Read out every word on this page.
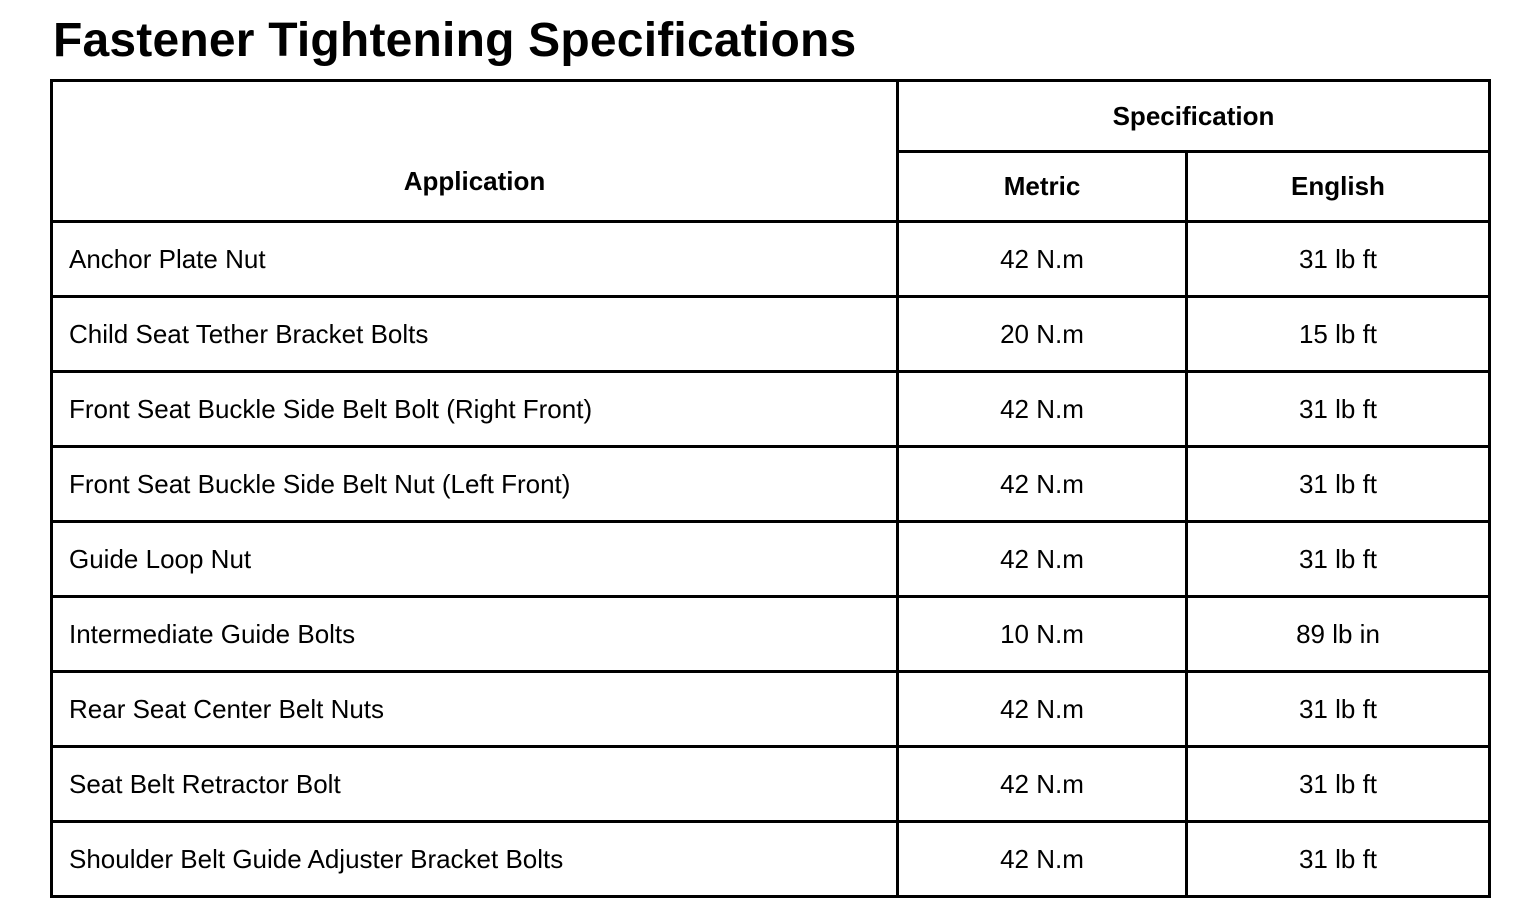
Fastener Tightening Specifications
Application	Specification	
	Metric	English
Anchor Plate Nut	42 N.m	31 lb ft
Child Seat Tether Bracket Bolts	20 N.m	15 lb ft
Front Seat Buckle Side Belt Bolt (Right Front)	42 N.m	31 lb ft
Front Seat Buckle Side Belt Nut (Left Front)	42 N.m	31 lb ft
Guide Loop Nut	42 N.m	31 lb ft
Intermediate Guide Bolts	10 N.m	89 lb in
Rear Seat Center Belt Nuts	42 N.m	31 lb ft
Seat Belt Retractor Bolt	42 N.m	31 lb ft
Shoulder Belt Guide Adjuster Bracket Bolts	42 N.m	31 lb ft
